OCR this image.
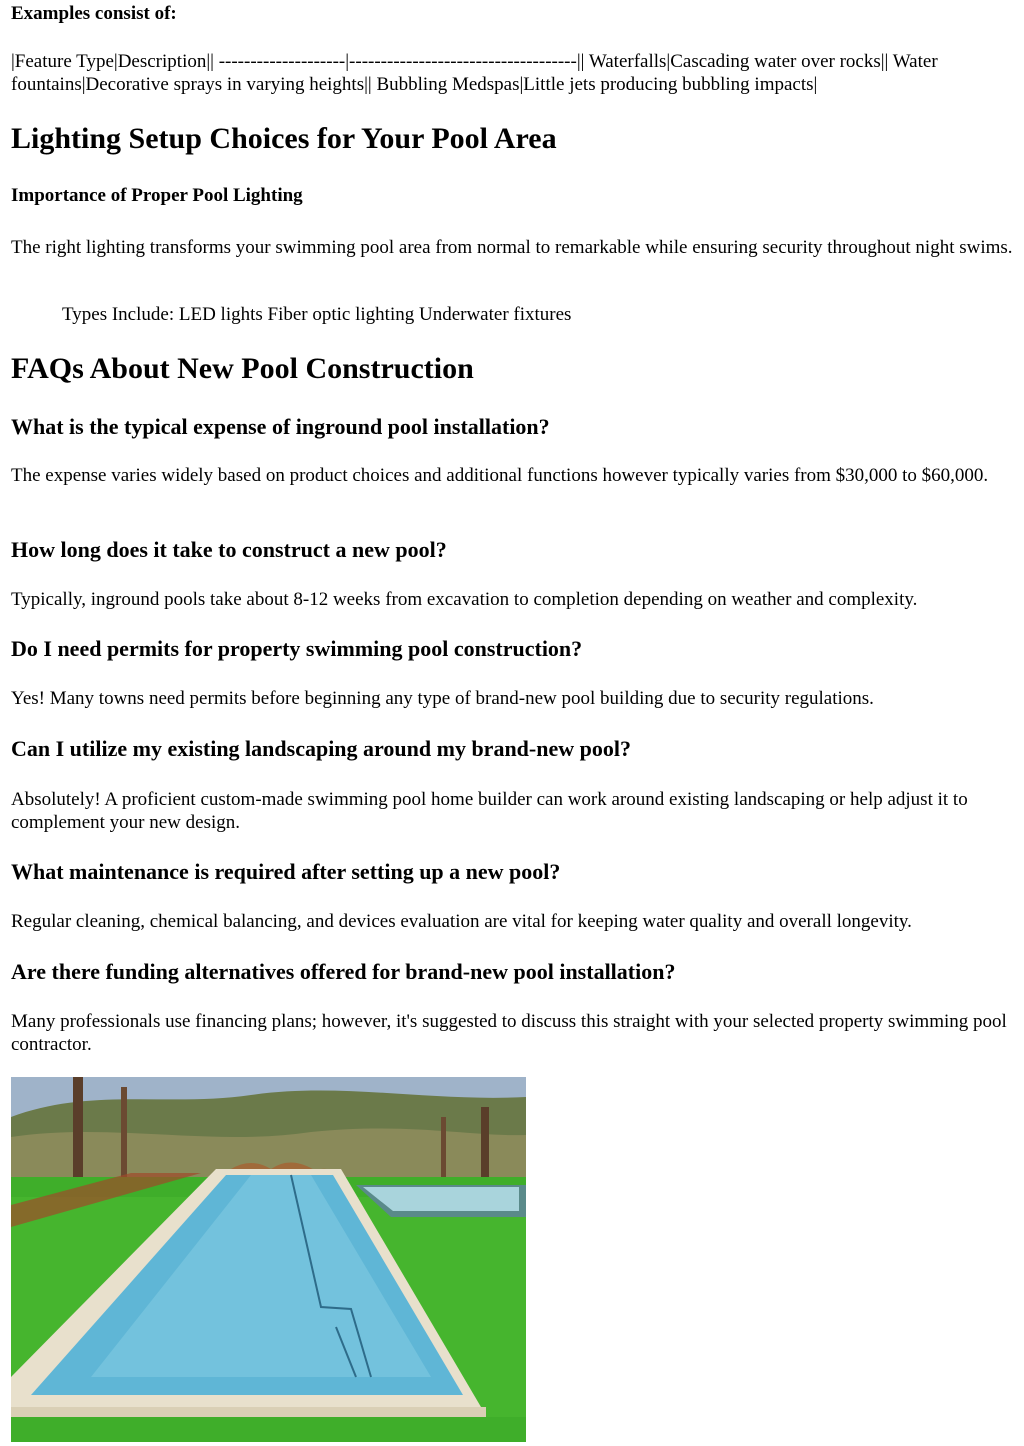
Examples consist of:

|Feature Type|Description|| --------------------|------------------------------------|| Waterfalls|Cascading water over rocks|| Water fountains|Decorative sprays in varying heights|| Bubbling Medspas|Little jets producing bubbling impacts|

Lighting Setup Choices for Your Pool Area
Importance of Proper Pool Lighting

The right lighting transforms your swimming pool area from normal to remarkable while ensuring security throughout night swims.

Types Include: LED lights Fiber optic lighting Underwater fixtures

FAQs About New Pool Construction
What is the typical expense of inground pool installation?

The expense varies widely based on product choices and additional functions however typically varies from $30,000 to $60,000.

How long does it take to construct a new pool?

Typically, inground pools take about 8-12 weeks from excavation to completion depending on weather and complexity.

Do I need permits for property swimming pool construction?

Yes! Many towns need permits before beginning any type of brand-new pool building due to security regulations.

Can I utilize my existing landscaping around my brand-new pool?

Absolutely! A proficient custom-made swimming pool home builder can work around existing landscaping or help adjust it to complement your new design.

What maintenance is required after setting up a new pool?

Regular cleaning, chemical balancing, and devices evaluation are vital for keeping water quality and overall longevity.

Are there funding alternatives offered for brand-new pool installation?

Many professionals use financing plans; however, it's suggested to discuss this straight with your selected property swimming pool contractor.
